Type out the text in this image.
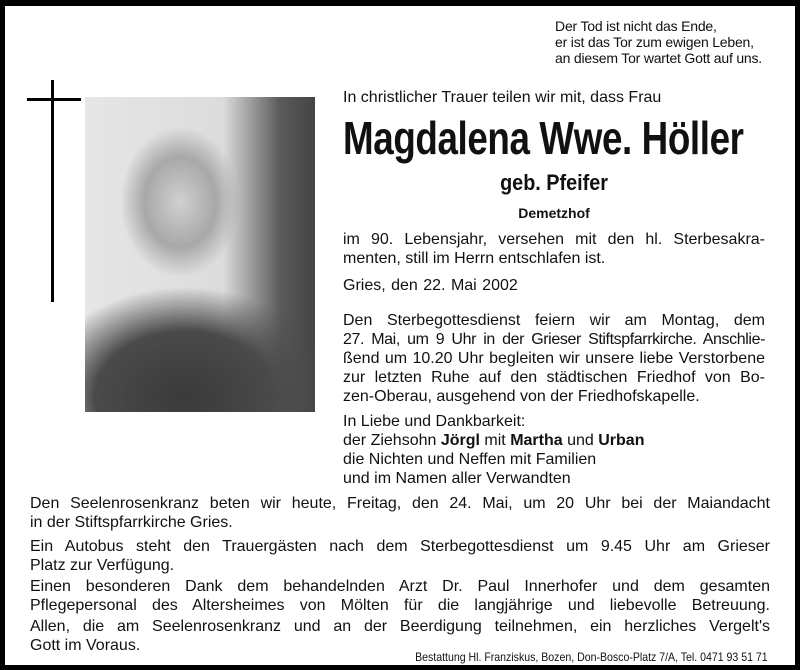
Der Tod ist nicht das Ende,
er ist das Tor zum ewigen Leben,
an diesem Tor wartet Gott auf uns.
In christlicher Trauer teilen wir mit, dass Frau
Magdalena Wwe. Höller
geb. Pfeifer
Demetzhof
im 90. Lebensjahr, versehen mit den hl. Sterbesakra-
menten, still im Herrn entschlafen ist.
Gries, den 22. Mai 2002
Den Sterbegottesdienst feiern wir am Montag, dem
27. Mai, um 9 Uhr in der Grieser Stiftspfarrkirche. Anschlie-
ßend um 10.20 Uhr begleiten wir unsere liebe Verstorbene
zur letzten Ruhe auf den städtischen Friedhof von Bo-
zen-Oberau, ausgehend von der Friedhofskapelle.
In Liebe und Dankbarkeit:
der Ziehsohn Jörgl mit Martha und Urban
die Nichten und Neffen mit Familien
und im Namen aller Verwandten
Den Seelenrosenkranz beten wir heute, Freitag, den 24. Mai, um 20 Uhr bei der Maiandacht
in der Stiftspfarrkirche Gries.
Ein Autobus steht den Trauergästen nach dem Sterbegottesdienst um 9.45 Uhr am Grieser
Platz zur Verfügung.
Einen besonderen Dank dem behandelnden Arzt Dr. Paul Innerhofer und dem gesamten
Pflegepersonal des Altersheimes von Mölten für die langjährige und liebevolle Betreuung.
Allen, die am Seelenrosenkranz und an der Beerdigung teilnehmen, ein herzliches Vergelt's
Gott im Voraus.
Bestattung Hl. Franziskus, Bozen, Don-Bosco-Platz 7/A, Tel. 0471 93 51 71
